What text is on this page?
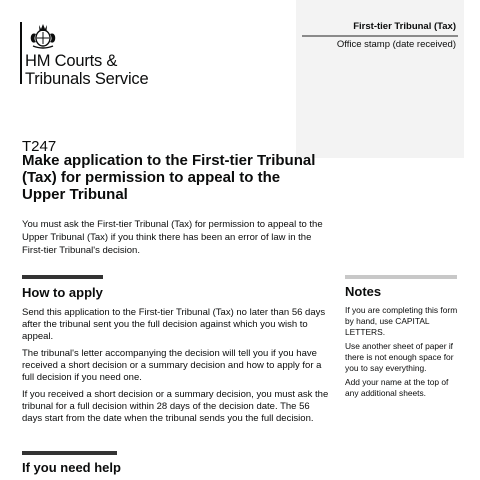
HM Courts &
Tribunals Service
First-tier Tribunal (Tax)
Office stamp (date received)
T247
Make application to the First-tier Tribunal (Tax) for permission to appeal to the Upper Tribunal
You must ask the First-tier Tribunal (Tax) for permission to appeal to the Upper Tribunal (Tax) if you think there has been an error of law in the First-tier Tribunal's decision.
How to apply
Send this application to the First-tier Tribunal (Tax) no later than 56 days after the tribunal sent you the full decision against which you wish to appeal.
The tribunal's letter accompanying the decision will tell you if you have received a short decision or a summary decision and how to apply for a full decision if you need one.
If you received a short decision or a summary decision, you must ask the tribunal for a full decision within 28 days of the decision date. The 56 days start from the date when the tribunal sends you the full decision.
If you need help
Notes
If you are completing this form by hand, use CAPITAL LETTERS.
Use another sheet of paper if there is not enough space for you to say everything.
Add your name at the top of any additional sheets.
